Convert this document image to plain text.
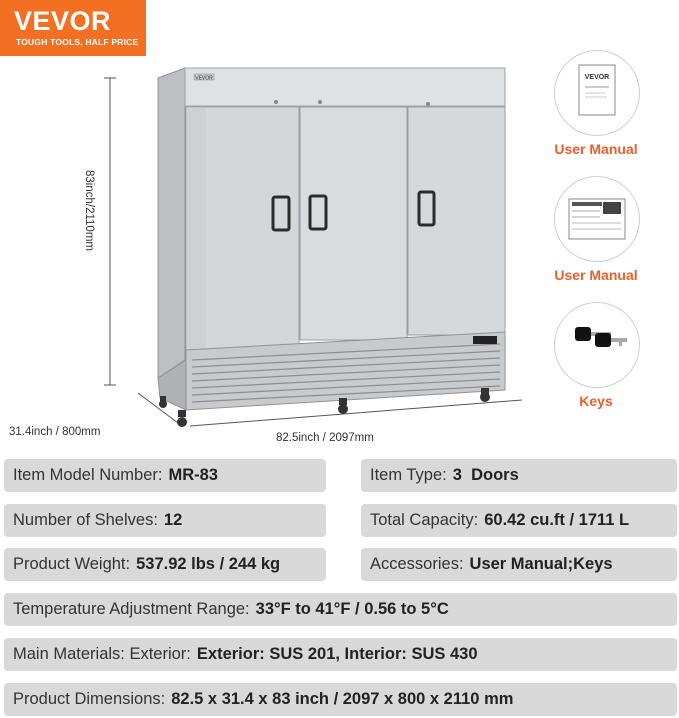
VEVOR
TOUGH TOOLS, HALF PRICE
83inch/2110mm
31.4inch / 800mm	82.5inch / 2097mm
VEVOR	VEVOR
User Manual
User Manual
Keys
Item Model Number: MR-83	Item Type: 3  Doors
Number of Shelves: 12	Total Capacity: 60.42 cu.ft / 1711 L
Product Weight: 537.92 lbs / 244 kg	Accessories: User Manual;Keys
Temperature Adjustment Range: 33°F to 41°F / 0.56 to 5°C
Main Materials: Exterior: Exterior: SUS 201, Interior: SUS 430
Product Dimensions: 82.5 x 31.4 x 83 inch / 2097 x 800 x 2110 mm
